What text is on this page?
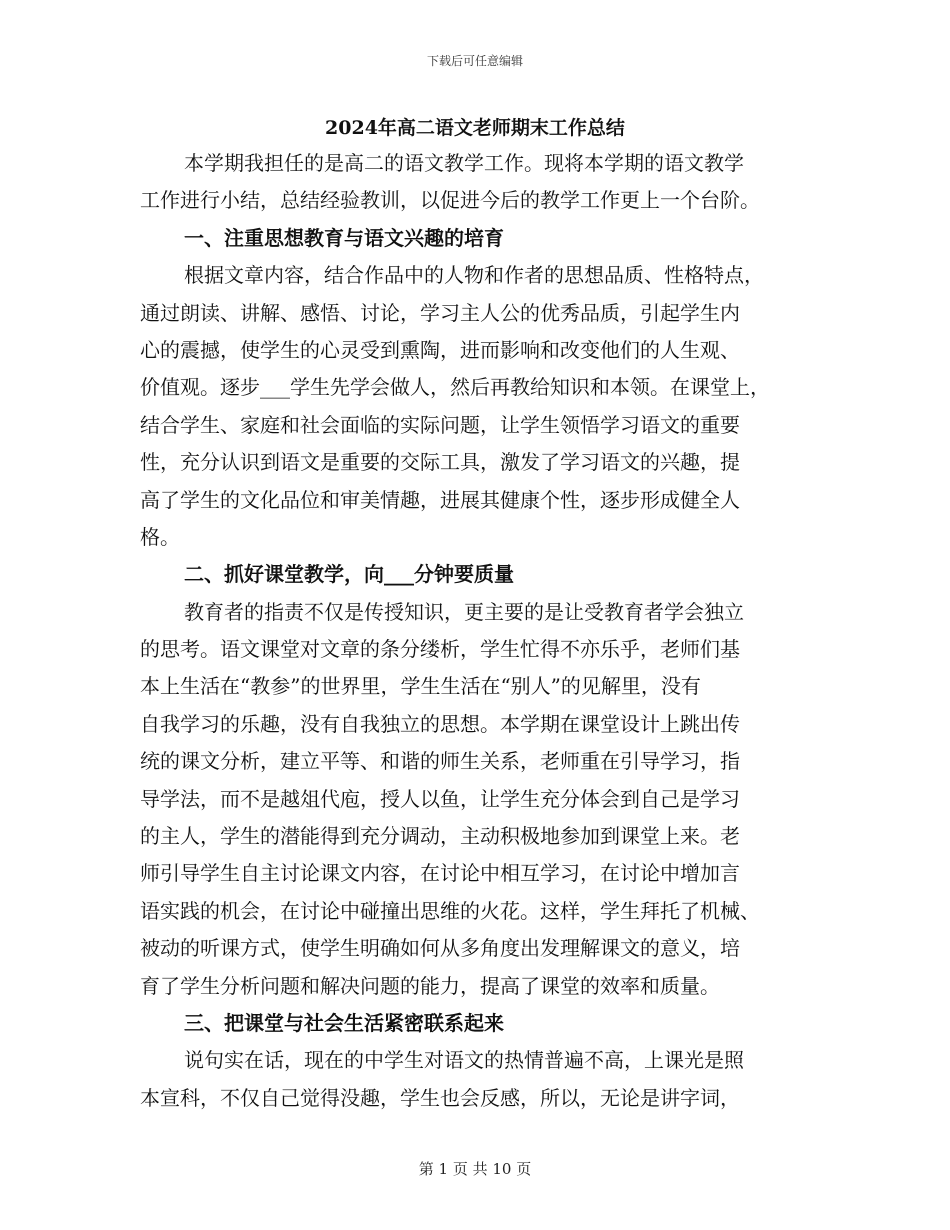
下载后可任意编辑
2024年高二语文老师期末工作总结
本学期我担任的是高二的语文教学工作。现将本学期的语文教学
工作进行小结，总结经验教训，以促进今后的教学工作更上一个台阶。
一、注重思想教育与语文兴趣的培育
根据文章内容，结合作品中的人物和作者的思想品质、性格特点，
通过朗读、讲解、感悟、讨论，学习主人公的优秀品质，引起学生内
心的震撼，使学生的心灵受到熏陶，进而影响和改变他们的人生观、
价值观。逐步___学生先学会做人，然后再教给知识和本领。在课堂上，
结合学生、家庭和社会面临的实际问题，让学生领悟学习语文的重要
性，充分认识到语文是重要的交际工具，激发了学习语文的兴趣，提
高了学生的文化品位和审美情趣，进展其健康个性，逐步形成健全人
格。
二、抓好课堂教学，向___分钟要质量
教育者的指责不仅是传授知识，更主要的是让受教育者学会独立
的思考。语文课堂对文章的条分缕析，学生忙得不亦乐乎，老师们基
本上生活在“教参”的世界里，学生生活在“别人”的见解里，没有
自我学习的乐趣，没有自我独立的思想。本学期在课堂设计上跳出传
统的课文分析，建立平等、和谐的师生关系，老师重在引导学习，指
导学法，而不是越俎代庖，授人以鱼，让学生充分体会到自己是学习
的主人，学生的潜能得到充分调动，主动积极地参加到课堂上来。老
师引导学生自主讨论课文内容，在讨论中相互学习，在讨论中增加言
语实践的机会，在讨论中碰撞出思维的火花。这样，学生拜托了机械、
被动的听课方式，使学生明确如何从多角度出发理解课文的意义，培
育了学生分析问题和解决问题的能力，提高了课堂的效率和质量。
三、把课堂与社会生活紧密联系起来
说句实在话，现在的中学生对语文的热情普遍不高，上课光是照
本宣科，不仅自己觉得没趣，学生也会反感，所以，无论是讲字词，
第 1 页 共 10 页
